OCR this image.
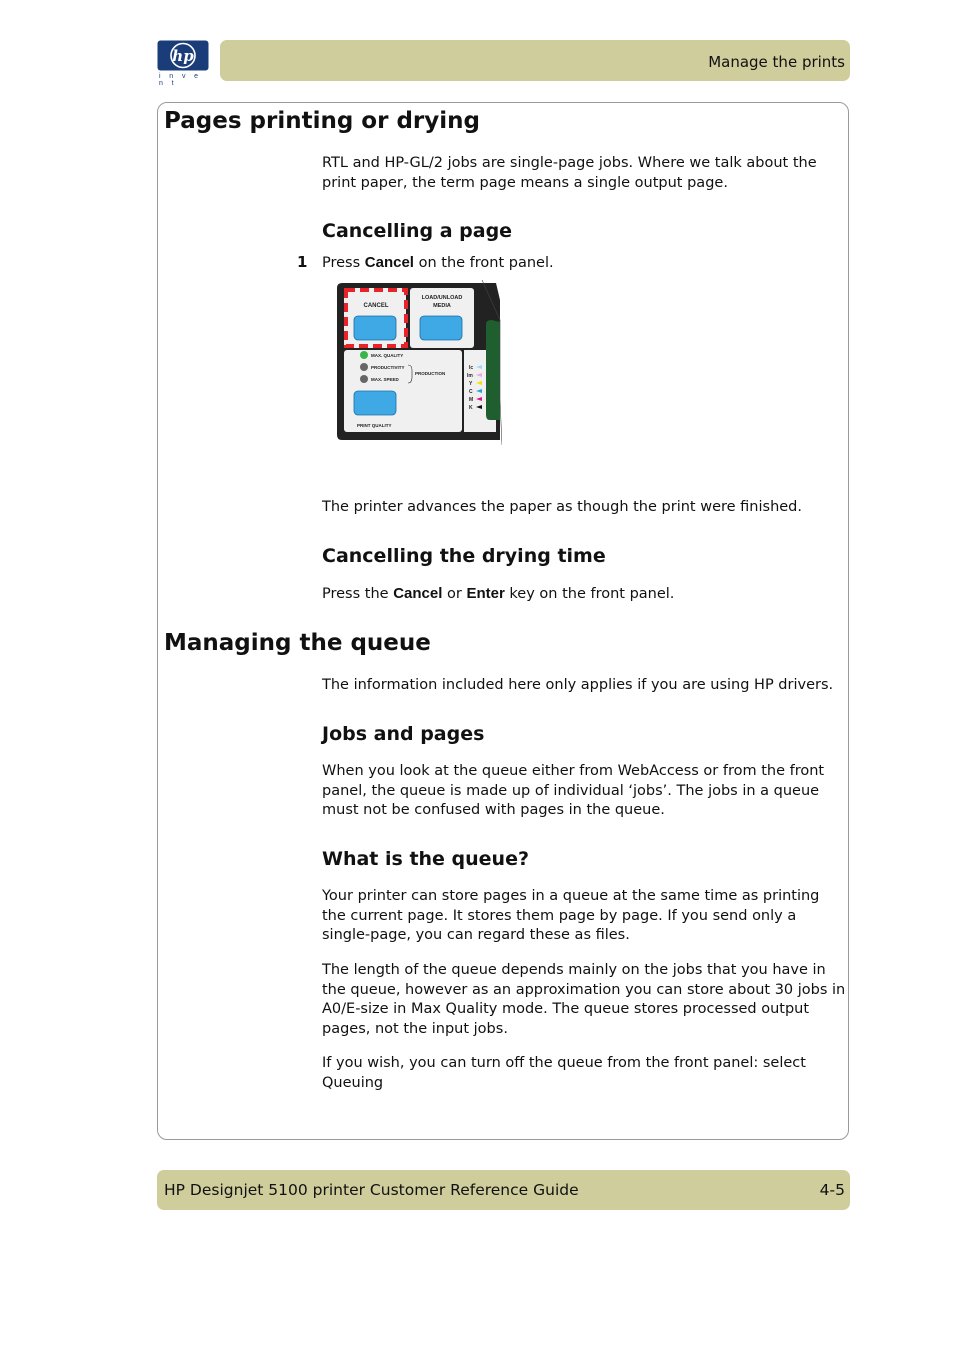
hp
i n v e n t
Manage the prints
Pages printing or drying

RTL and HP-GL/2 jobs are single-page jobs. Where we talk about the print paper, the term page means a single output page.

Cancelling a page
1 Press Cancel on the front panel.

CANCEL
LOAD/UNLOAD
MEDIA
MAX. QUALITY
PRODUCTIVITY
MAX. SPEED
PRODUCTION
PRINT QUALITY
lc
lm
Y
C
M
K

The printer advances the paper as though the print were finished.

Cancelling the drying time

Press the Cancel or Enter key on the front panel.

Managing the queue

The information included here only applies if you are using HP drivers.

Jobs and pages

When you look at the queue either from WebAccess or from the front panel, the queue is made up of individual ‘jobs’. The jobs in a queue must not be confused with pages in the queue.

What is the queue?

Your printer can store pages in a queue at the same time as printing the current page. It stores them page by page. If you send only a single-page, you can regard these as files.

The length of the queue depends mainly on the jobs that you have in the queue, however as an approximation you can store about 30 jobs in A0/E-size in Max Quality mode. The queue stores processed output pages, not the input jobs.

If you wish, you can turn off the queue from the front panel: select Queuing

HP Designjet 5100 printer Customer Reference Guide	4-5
